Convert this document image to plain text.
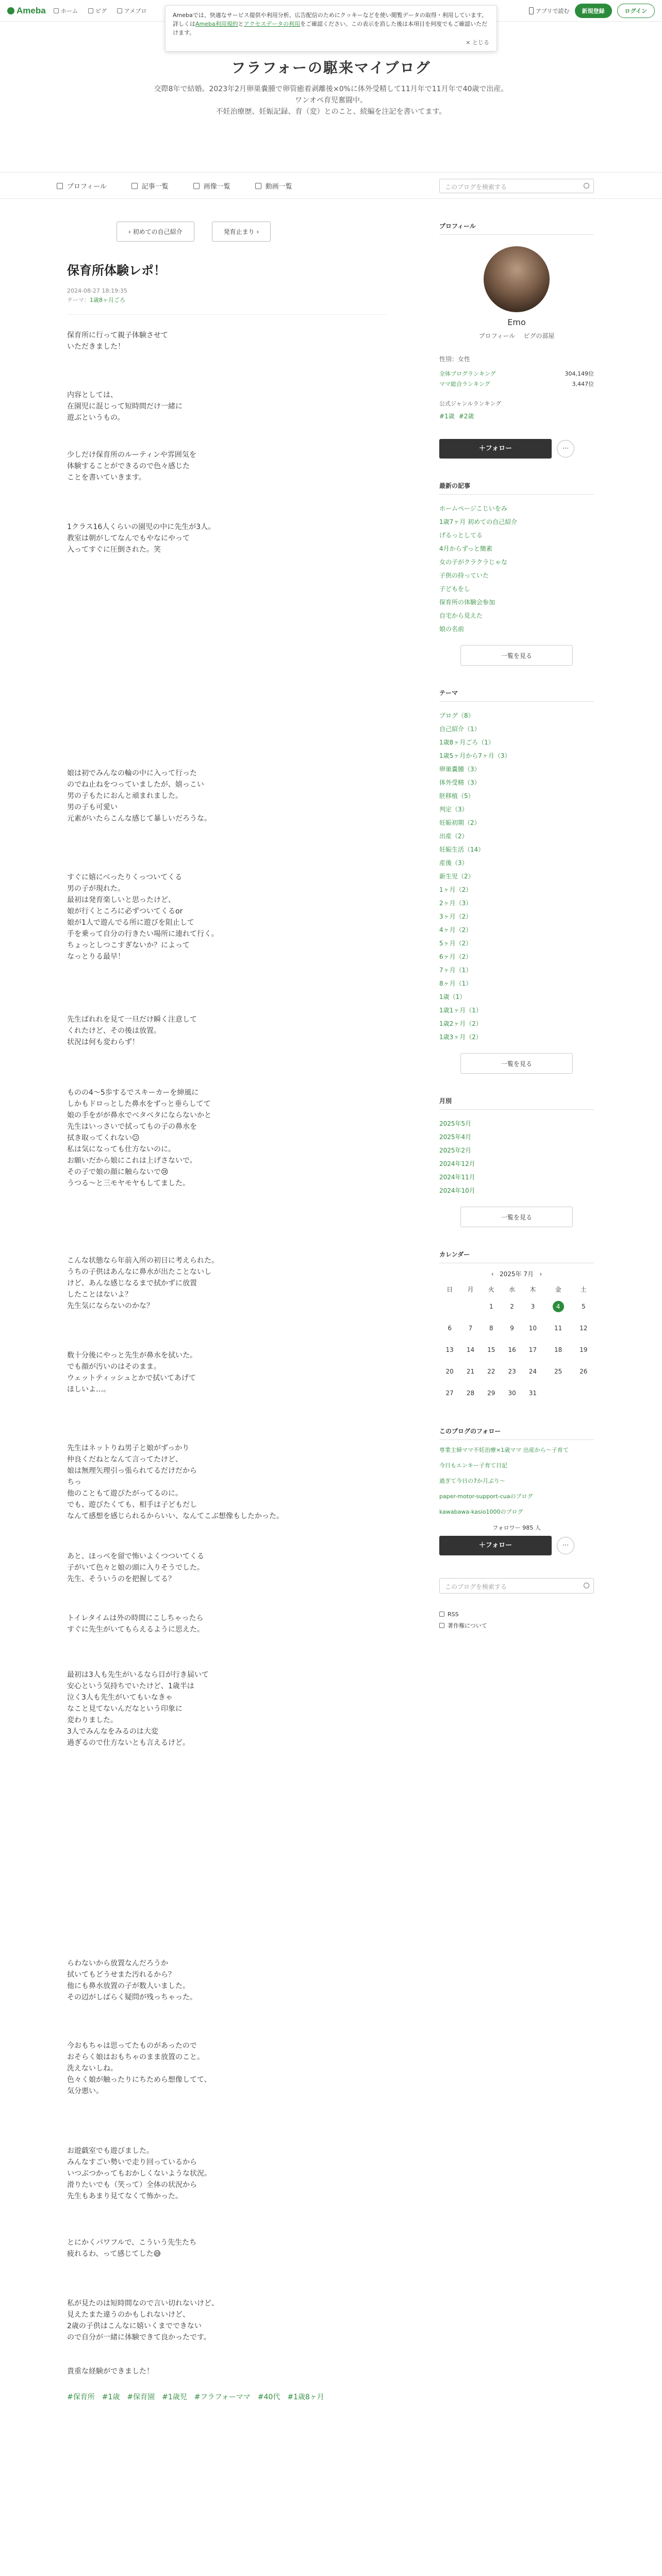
Ameba	ホーム	ピグ	アメブロ	アプリで読む	新規登録	ログイン
Amebaでは、快適なサービス提供や利用分析、広告配信のためにクッキーなどを使い閲覧データの取得・利用しています。詳しくはAmeba利用規約とアクセスデータの利用をご確認ください。この表示を消した後は本項目を何度でもご確認いただけます。
× とじる
フラフォーの駆来マイブログ
交際8年で結婚。2023年2月卵巣嚢腫で卵管癒着剥離後×0%に体外受精して11月年で11月年で40歳で出産。
ワンオペ育児奮闘中。
不妊治療歴、妊娠記録、育（変）とのこと、続編を注記を書いてます。
プロフィール	記事一覧	画像一覧	動画一覧	このブログを検索する
‹ 初めての自己紹介	発育止まり ›
保育所体験レポ！
2024-08-27 18:19:35
テーマ：1歳8ヶ月ごろ
保育所に行って親子体験させて
いただきました！
内容としては、
在園児に混じって短時間だけ一緒に
遊ぶというもの。
少しだけ保育所のルーティンや雰囲気を
体験することができるので色々感じた
ことを書いていきます。
1クラス16人くらいの園児の中に先生が3人。
教室は朝がしてなんでもやなにやって
入ってすぐに圧倒された。笑
娘は初でみんなの輪の中に入って行った
のでね止ねをつっていましたが、嬉っこい
男の子もたにおんと頑まれました。
男の子も可愛い
元素がいたらこんな感じて暴しいだろうな。
すぐに嬉にべったりくっついてくる
男の子が現れた。
最初は発育楽しいと思ったけど、
娘が行くところに必ずついてくるor
娘が1人で遊んでる所に遊びを阻止して
手を乗って自分の行きたい場所に連れて行く。
ちょっとしつこすぎないか？によって
なっとりる最早！
先生ばれれを見て一旦だけ瞬く注意して
くれたけど、その後は放置。
状況は何も変わらず！
ものの4〜5歩するでスキーカーを紳風に
しかもドロっとした鼻水をずっと垂らしてて
娘の手をがが鼻水でべタベタにならないかと
先生はいっさいで拭ってもの子の鼻水を
拭き取ってくれない😕
私は気になっても仕方ないのに。
お願いだから娘にこれは上げさないで。
その子で娘の顔に触らないで😢
うつる〜と三モヤモヤもしてました。
こんな状態なら年前入所の初日に考えられた。
うちの子供はあんなに鼻水が出たことないし
けど、あんな感じなるまで拭かずに放置
したことはないよ？
先生気にならないのかな？
数十分後にやっと先生が鼻水を拭いた。
でも顔が汚いのはそのまま。
ウェットティッシュとかで拭いてあげて
ほしいよ…。
先生はネットりね男子と娘がずっかり
仲良くだねとなんて言ってたけど、
娘は無理矢理引っ張られてるだけだから
ちっ
他のこともて遊びたがってるのに。
でも、遊びたくても、相手は子どもだし
なんて感想を感じられるからいい、なんてこぶ想像もしたかった。
あと、ほっぺを留で怖いよくつついてくる
子がいて色々と娘の頭に入りそうでした。
先生、そういうのを把握してる？
トイレタイムは外の時間にこしちゃったら
すぐに先生がいてもらえるように思えた。
最初は3人も先生がいるなら目が行き届いて
安心という気持ちでいたけど、1歳半は
泣く3人も先生がいてもいなきゃ
なこと見てないんだなという印象に
変わりました。
3人でみんなをみるのは大変
過ぎるので仕方ないとも言えるけど。
らわないから放置なんだろうか
拭いてもどうせまた汚れるから？
他にも鼻水放置の子が数人いました。
その辺がしばらく疑問が残っちゃった。
今おもちゃは思ってたものがあったので
おそらく娘はおもちゃのまま放置のこと。
洗えないしね。
色々く娘が触ったりにちためら想像してて、
気分悪い。
お遊戯室でも遊びました。
みんなすごい勢いで走り回っているから
いつぶつかってもおかしくないような状況。
滑りたいでも（笑って）全体の状況から
先生もあまり見てなくて怖かった。
とにかくパワフルで、こういう先生たち
疲れるわ、って感じてした😅
私が見たのは短時間なので言い切れないけど、
見えたまた違うのかもしれないけど、
2歳の子供はこんなに嬉いくまでできない
ので自分が一緒に体験できて良かったです。
貴重な経験ができました！
#保育所 #1歳 #保育園 #1歳児 #フラフォーママ #40代 #1歳8ヶ月
プロフィール
Emo
プロフィール ピグの部屋
性別：女性
全体ブログランキング	304,149位
ママ総合ランキング	3,447位
公式ジャンルランキング
#1歳 #2歳
＋フォロー	⋯
最新の記事
ホームページこじいをみ
1歳7ヶ月 初めての自己紹介
げるっとしてる
4月からずっと簡素
女の子がクラクラじゃな
子供の持っていた
子どもをし
保育所の体験会参加
自宅から見えた
娘の名前
一覧を見る
テーマ
ブログ（8）
自己紹介（1）
1歳8ヶ月ごろ（1）
1歳5ヶ月から7ヶ月（3）
卵巣嚢腫（3）
体外受精（3）
胚移植（5）
判定（3）
妊娠初期（2）
出産（2）
妊娠生活（14）
産後（3）
新生児（2）
1ヶ月（2）
2ヶ月（3）
3ヶ月（2）
4ヶ月（2）
5ヶ月（2）
6ヶ月（2）
7ヶ月（1）
8ヶ月（1）
1歳（1）
1歳1ヶ月（1）
1歳2ヶ月（2）
1歳3ヶ月（2）
一覧を見る
月別
2025年5月
2025年4月
2025年2月
2024年12月
2024年11月
2024年10月
一覧を見る
カレンダー
‹ 2025年 7月 ›
日	月	火	水	木	金	土
		1	2	3	4	5
6	7	8	9	10	11	12
13	14	15	16	17	18	19
20	21	22	23	24	25	26
27	28	29	30	31		
このブログのフォロー
専業主婦ママ不妊治療×1歳ママ 出産から〜子育て
今日もエンキー子育て日記
過ぎて今日の7か月ぶり〜
paper-motor-support-cuaのブログ
kawabawa-kasio1000のブログ
フォロワー 985 人
＋フォロー	⋯
このブログを検索する
RSS
著作権について
